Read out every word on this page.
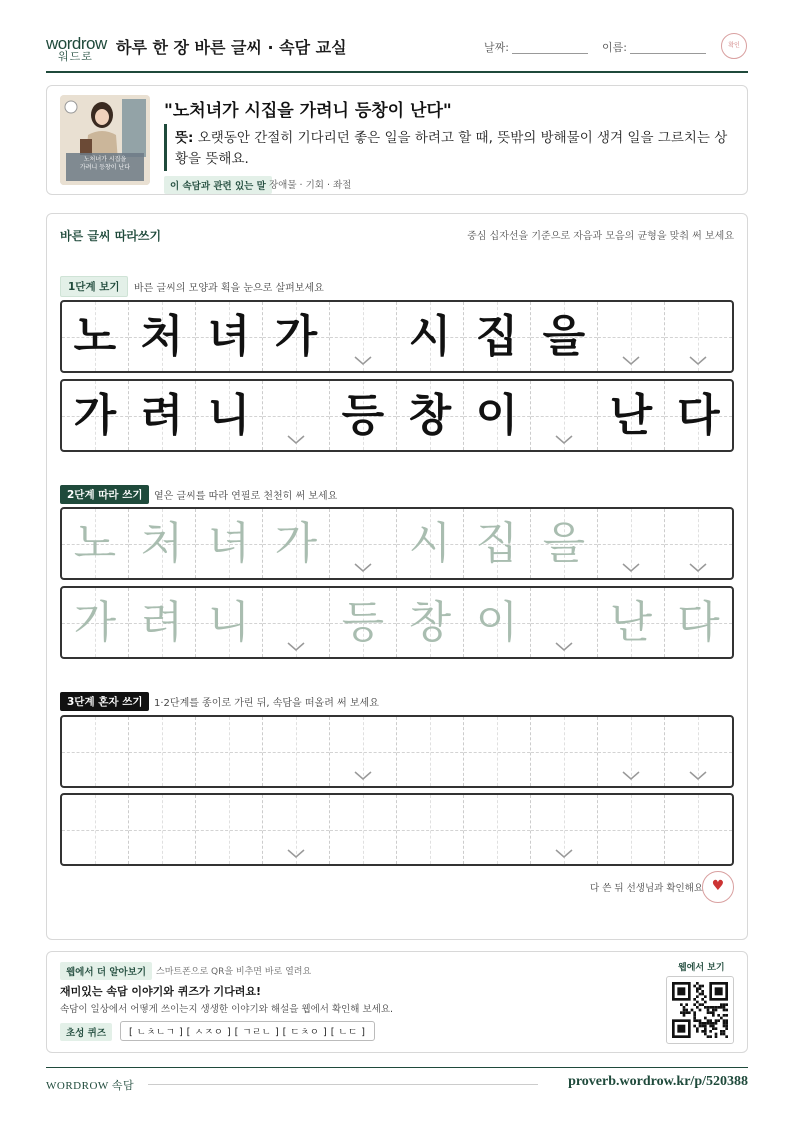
wordrow
워드로 하루 한 장 바른 글씨 · 속담 교실	날짜:	이름:	확인
노처녀가 시집을
가려니 등창이 난다
"노처녀가 시집을 가려니 등창이 난다"
뜻: 오랫동안 간절히 기다리던 좋은 일을 하려고 할 때, 뜻밖의 방해물이 생겨 일을 그르치는 상황을 뜻해요.
이 속담과 관련 있는 말 장애물 · 기회 · 좌절
바른 글씨 따라쓰기	중심 십자선을 기준으로 자음과 모음의 균형을 맞춰 써 보세요
1단계 보기	바른 글씨의 모양과 획을 눈으로 살펴보세요
노 처 녀 가 시 집 을
가 려 니 등 창 이 난 다
2단계 따라 쓰기	옅은 글씨를 따라 연필로 천천히 써 보세요
노 처 녀 가 시 집 을
가 려 니 등 창 이 난 다
3단계 혼자 쓰기	1·2단계를 종이로 가린 뒤, 속담을 떠올려 써 보세요
다 쓴 뒤 선생님과 확인해요 ♥
웹에서 더 알아보기	스마트폰으로 QR을 비추면 바로 열려요
재미있는 속담 이야기와 퀴즈가 기다려요!
속담이 일상에서 어떻게 쓰이는지 생생한 이야기와 해설을 웹에서 확인해 보세요.
초성 퀴즈	[ ㄴㅊㄴㄱ ] [ ㅅㅈㅇ ] [ ㄱㄹㄴ ] [ ㄷㅊㅇ ] [ ㄴㄷ ]
웹에서 보기
WORDROW 속담	proverb.wordrow.kr/p/520388
